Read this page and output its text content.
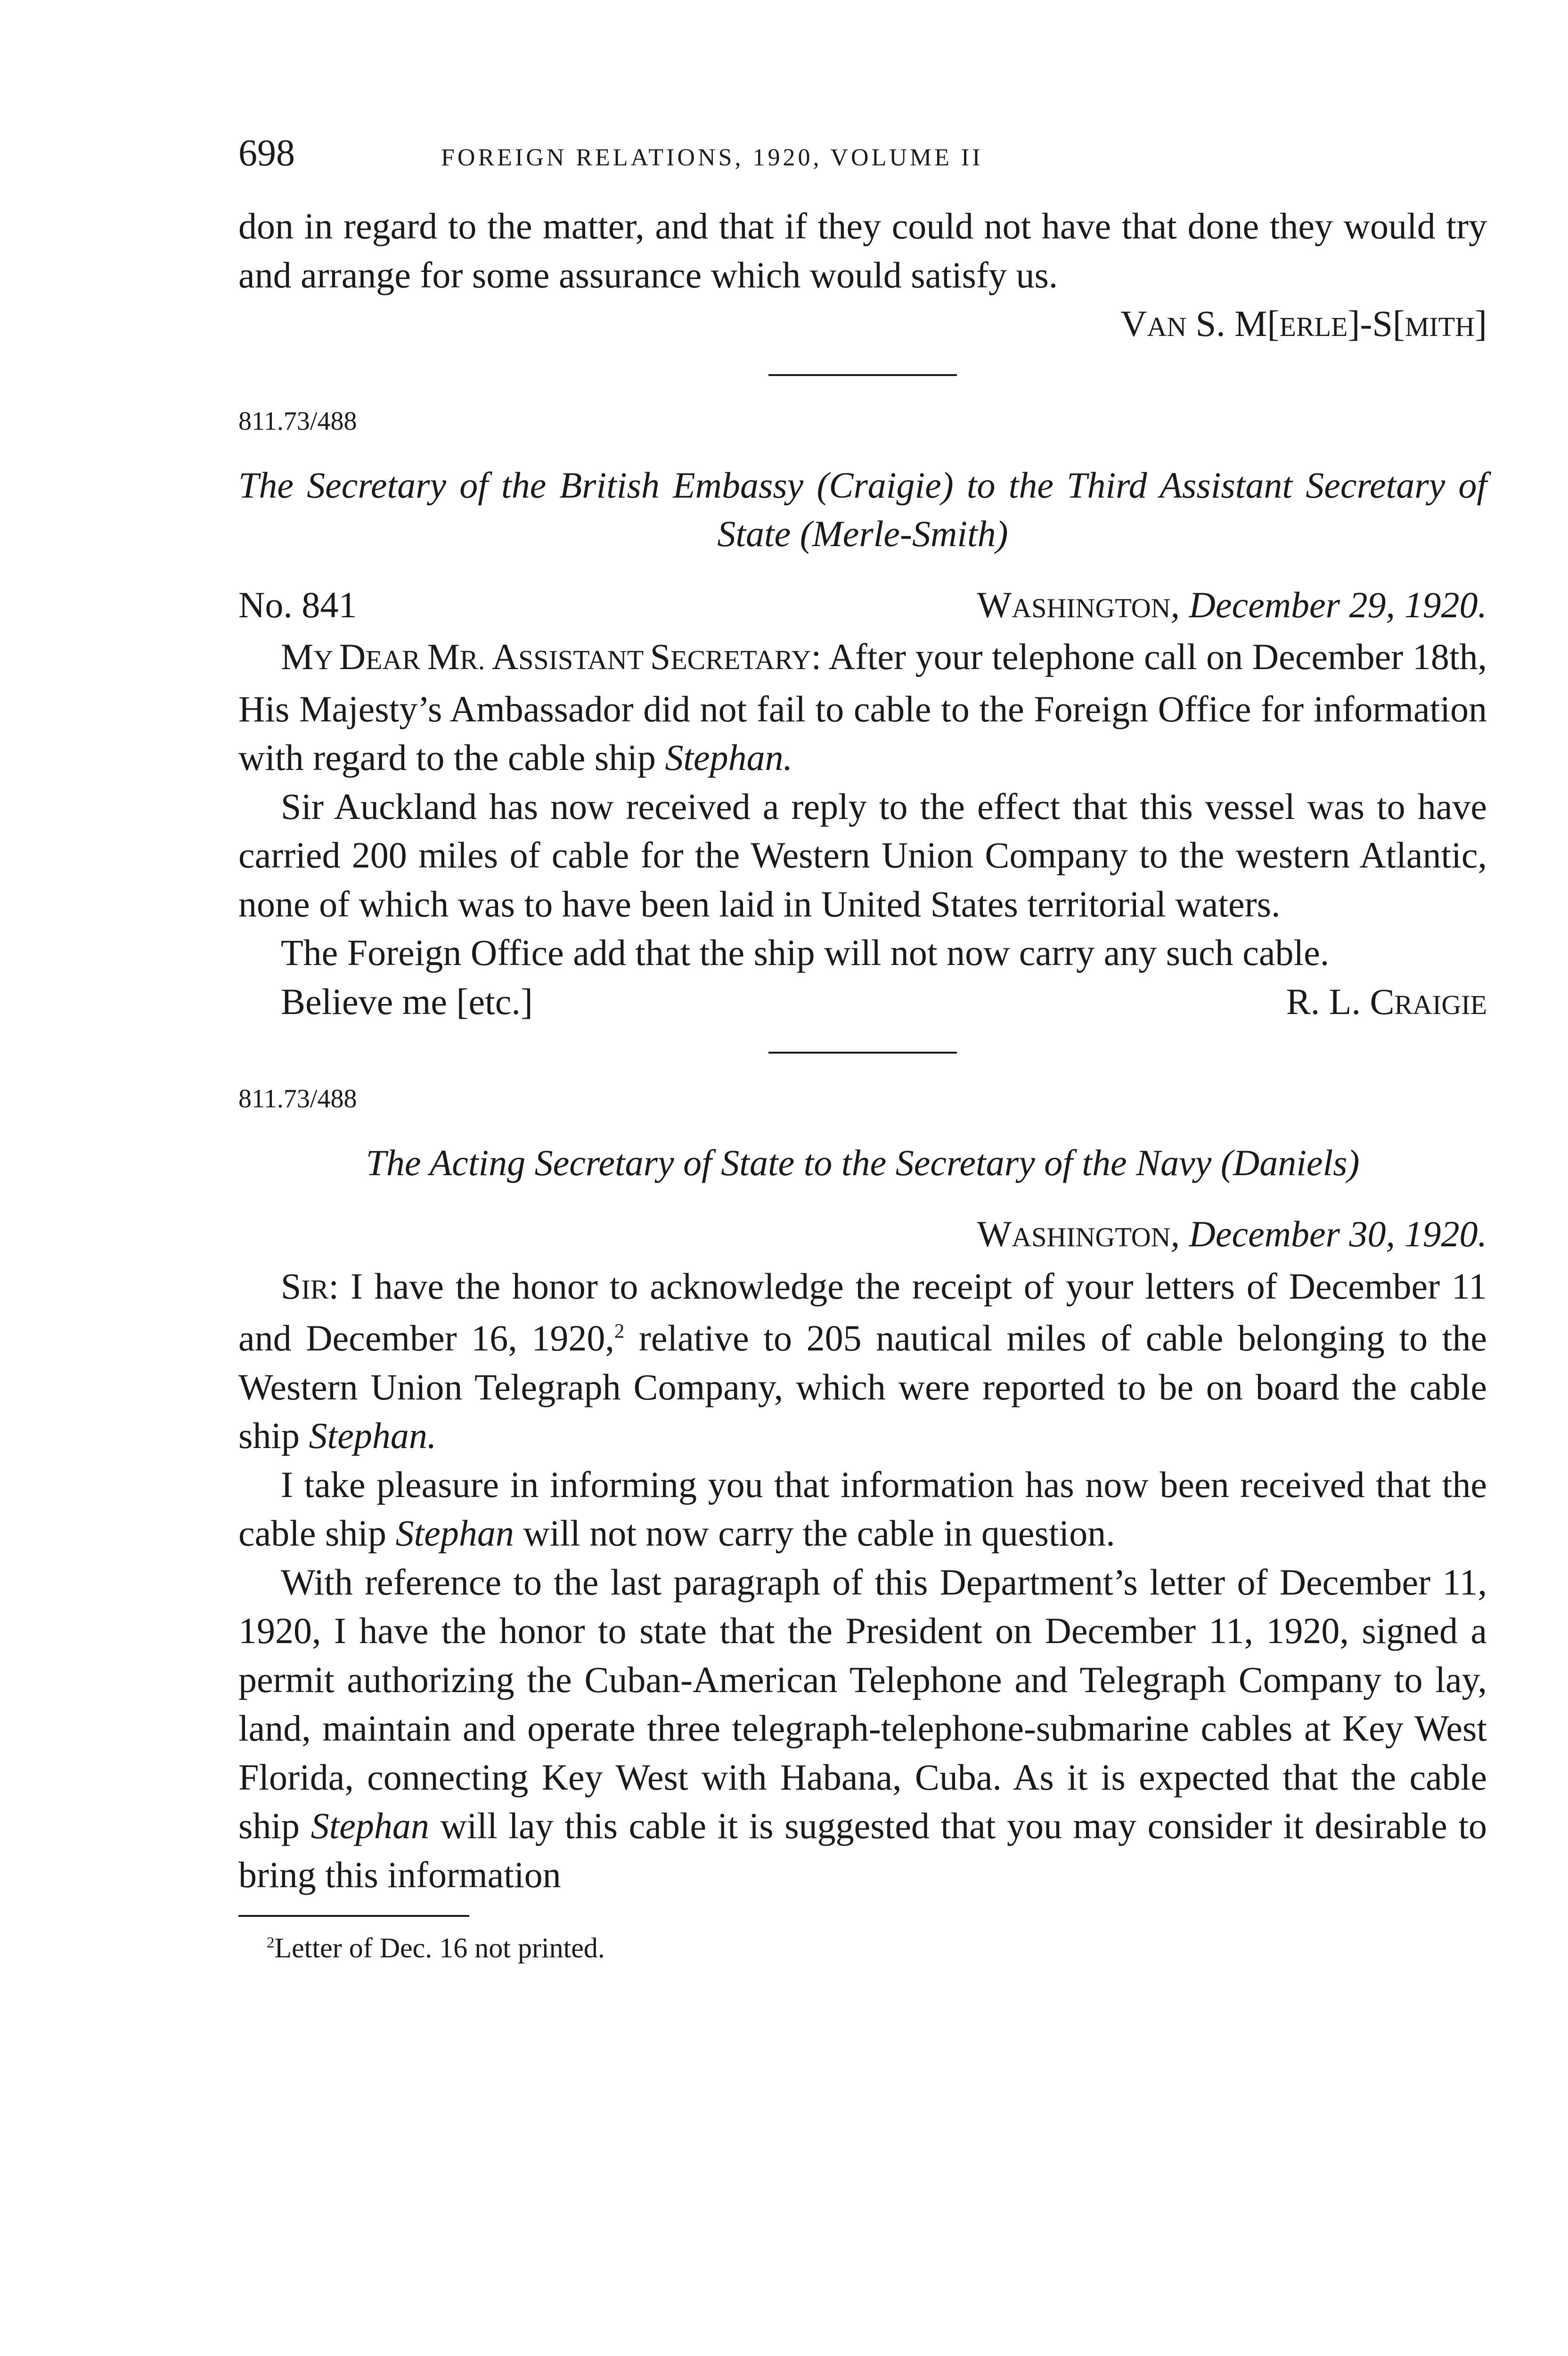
698	FOREIGN RELATIONS, 1920, VOLUME II

don in regard to the matter, and that if they could not have that done they would try and arrange for some assurance which would satisfy us.

VAN S. M[ERLE]-S[MITH]
811.73/488
The Secretary of the British Embassy (Craigie) to the Third Assistant Secretary of State (Merle-Smith)
No. 841	WASHINGTON, December 29, 1920.

MY DEAR MR. ASSISTANT SECRETARY: After your telephone call on December 18th, His Majesty’s Ambassador did not fail to cable to the Foreign Office for information with regard to the cable ship Stephan.

Sir Auckland has now received a reply to the effect that this vessel was to have carried 200 miles of cable for the Western Union Company to the western Atlantic, none of which was to have been laid in United States territorial waters.

The Foreign Office add that the ship will not now carry any such cable.

Believe me [etc.]	R. L. CRAIGIE
811.73/488
The Acting Secretary of State to the Secretary of the Navy (Daniels)
WASHINGTON, December 30, 1920.

SIR: I have the honor to acknowledge the receipt of your letters of December 11 and December 16, 1920,$^2$ relative to 205 nautical miles of cable belonging to the Western Union Telegraph Company, which were reported to be on board the cable ship Stephan.

I take pleasure in informing you that information has now been received that the cable ship Stephan will not now carry the cable in question.

With reference to the last paragraph of this Department’s letter of December 11, 1920, I have the honor to state that the President on December 11, 1920, signed a permit authorizing the Cuban-American Telephone and Telegraph Company to lay, land, maintain and operate three telegraph-telephone-submarine cables at Key West Florida, connecting Key West with Habana, Cuba. As it is expected that the cable ship Stephan will lay this cable it is suggested that you may consider it desirable to bring this information

$^2$Letter of Dec. 16 not printed.
